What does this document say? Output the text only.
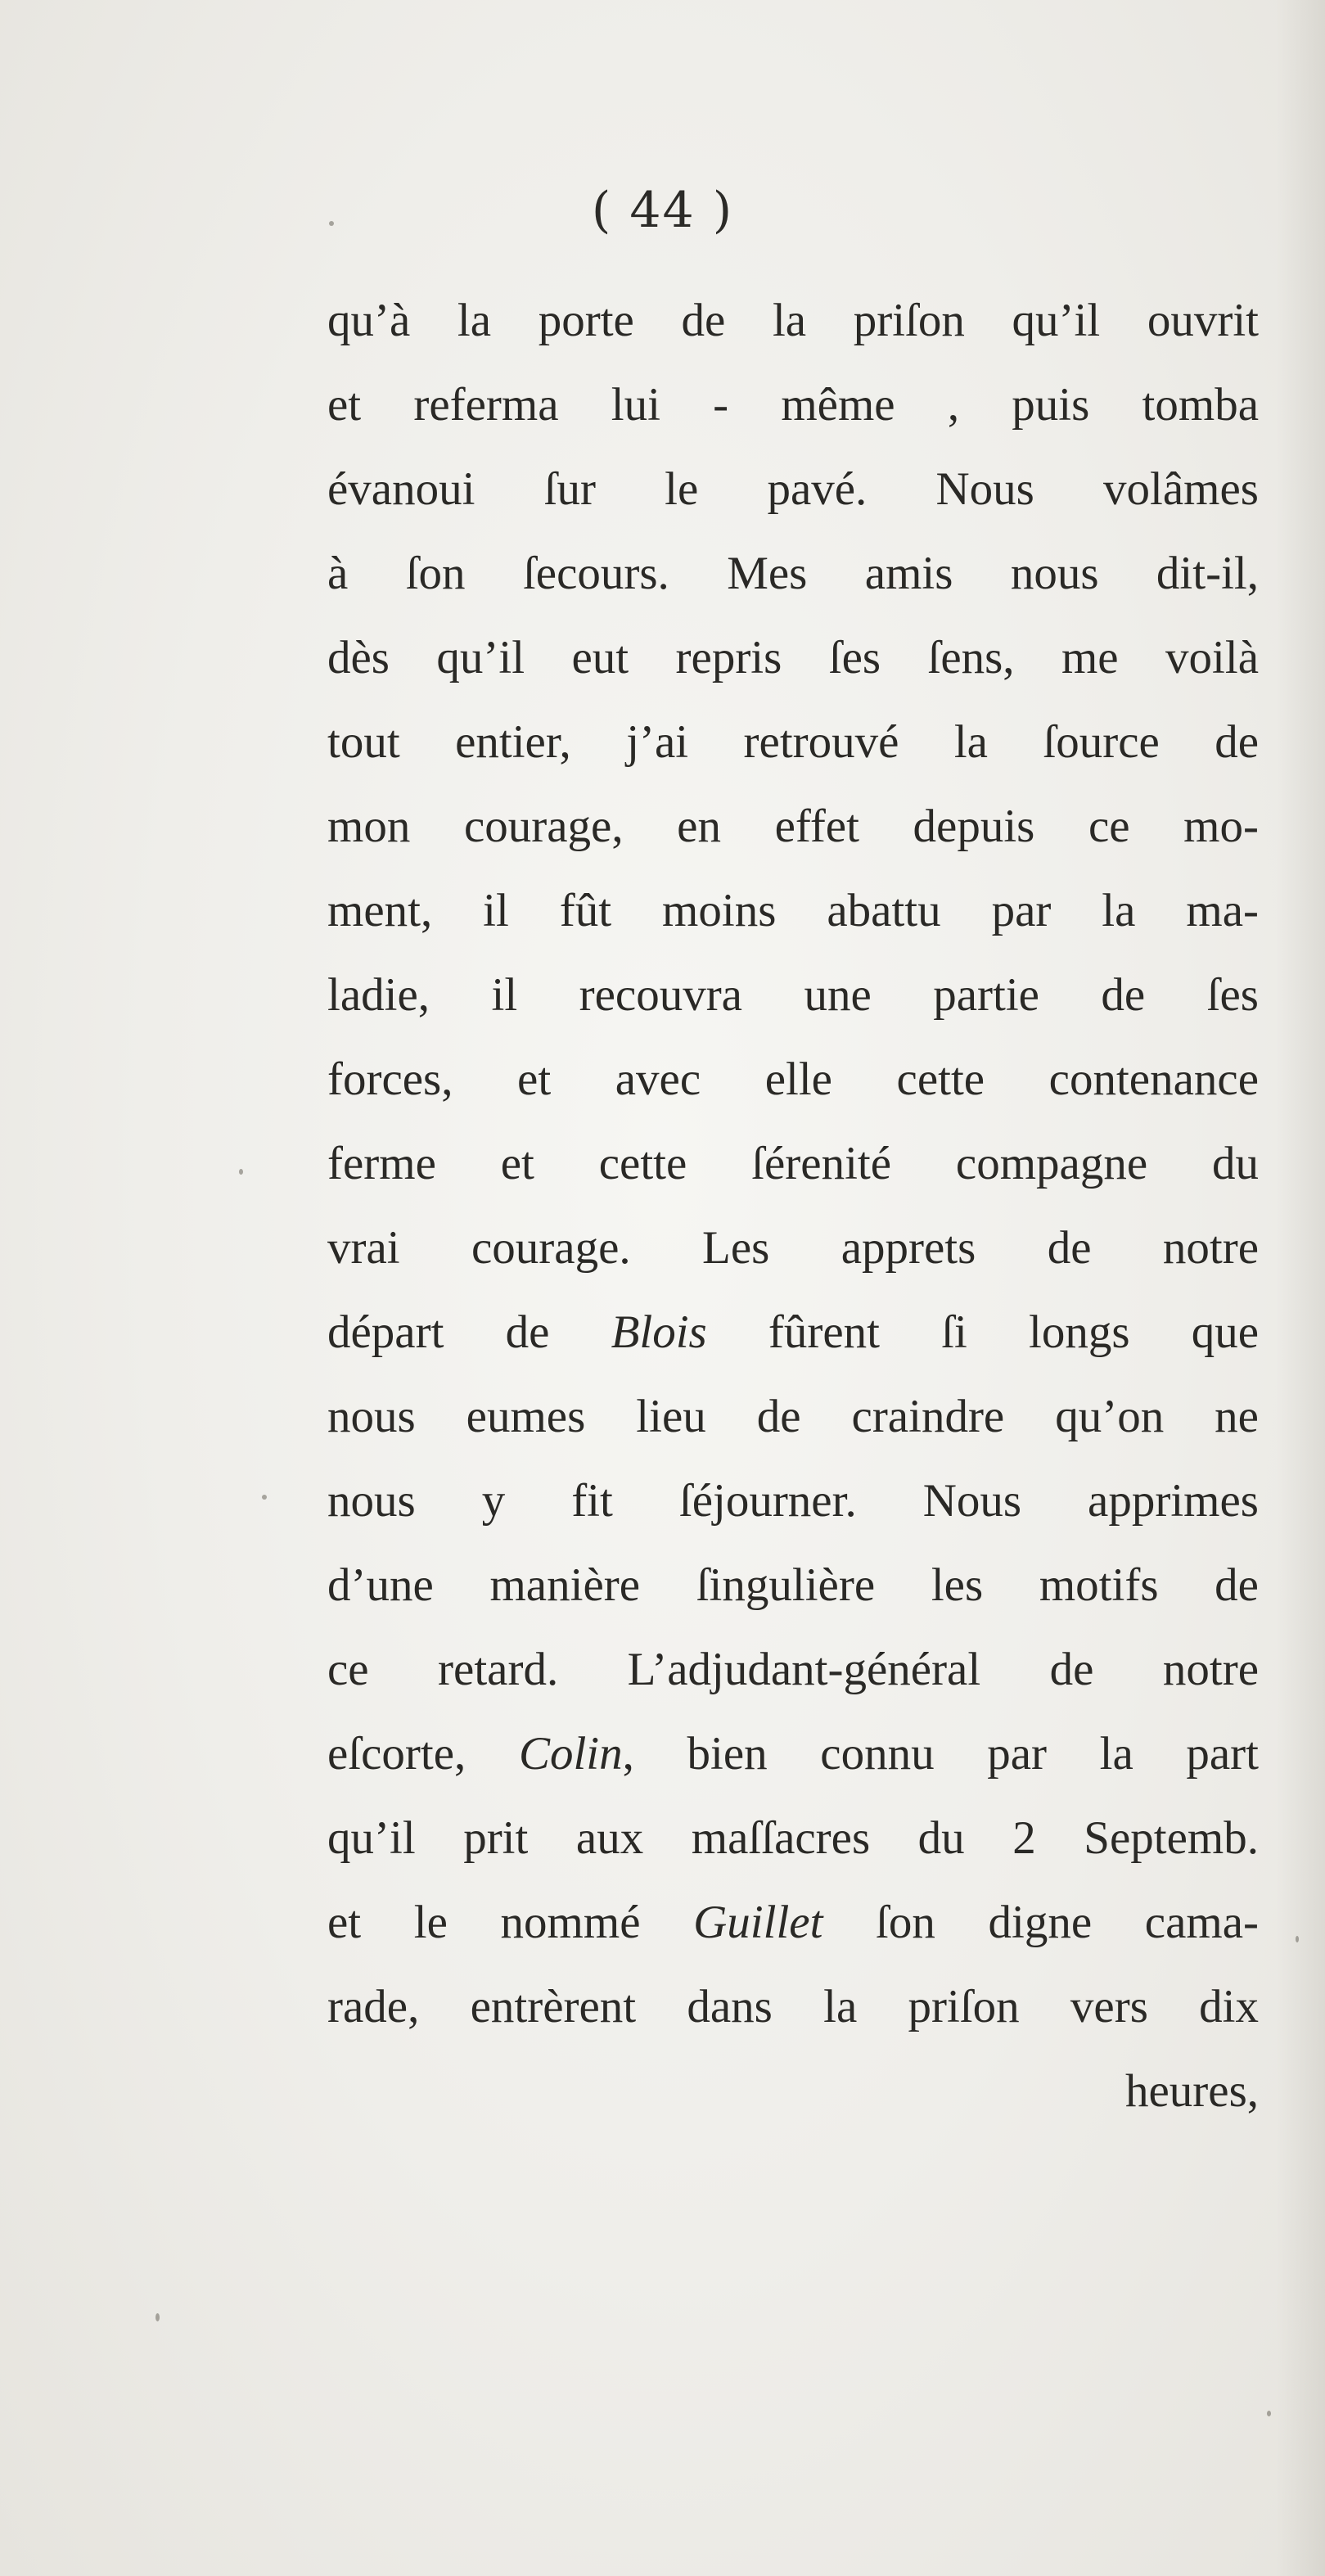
( 44 )
qu’à la porte de la priſon qu’il ouvrit
et referma lui - même , puis tomba
évanoui ſur le pavé. Nous volâmes
à ſon ſecours. Mes amis nous dit-il,
dès qu’il eut repris ſes ſens, me voilà
tout entier, j’ai retrouvé la ſource de
mon courage, en effet depuis ce mo-
ment, il fût moins abattu par la ma-
ladie, il recouvra une partie de ſes
forces, et avec elle cette contenance
ferme et cette ſérenité compagne du
vrai courage. Les apprets de notre
départ de Blois fûrent ſi longs que
nous eumes lieu de craindre qu’on ne
nous y fit ſéjourner. Nous apprimes
d’une manière ſingulière les motifs de
ce retard. L’adjudant-général de notre
eſcorte, Colin, bien connu par la part
qu’il prit aux maſſacres du 2 Septemb.
et le nommé Guillet ſon digne cama-
rade, entrèrent dans la priſon vers dix
heures,
